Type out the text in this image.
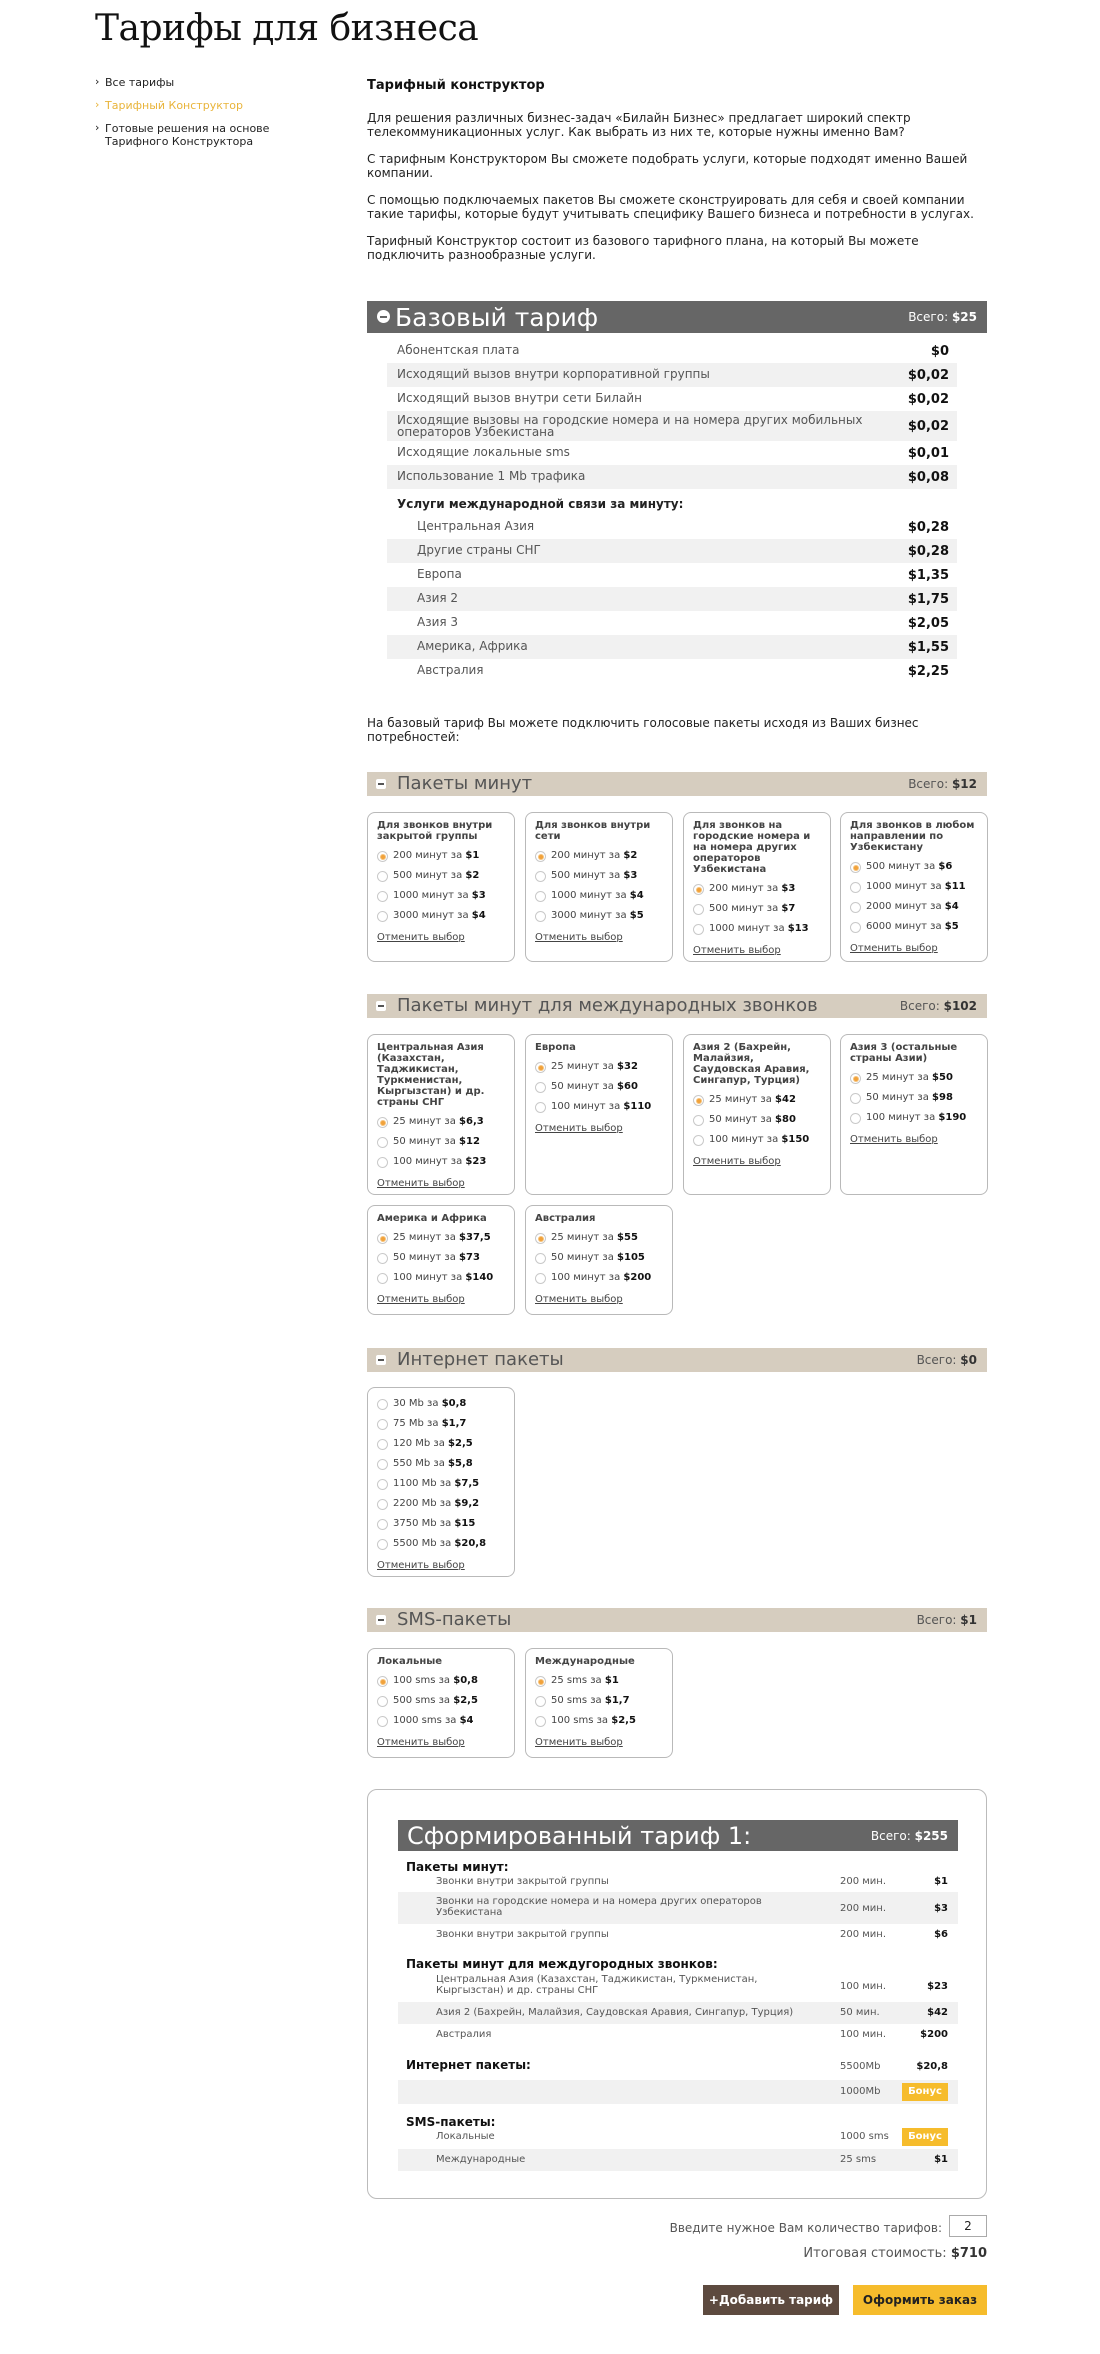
Тарифы для бизнеса
› Все тарифы
› Тарифный Конструктор
› Готовые решения на основе Тарифного Конструктора
Тарифный конструктор

Для решения различных бизнес-задач «Билайн Бизнес» предлагает широкий спектр телекоммуникационных услуг. Как выбрать из них те, которые нужны именно Вам?

С тарифным Конструктором Вы сможете подобрать услуги, которые подходят именно Вашей компании.

С помощью подключаемых пакетов Вы сможете сконструировать для себя и своей компании такие тарифы, которые будут учитывать специфику Вашего бизнеса и потребности в услугах.

Тарифный Конструктор состоит из базового тарифного плана, на который Вы можете подключить разнообразные услуги.

Базовый тариф	Всего: $25
Абонентская плата	$0
Исходящий вызов внутри корпоративной группы	$0,02
Исходящий вызов внутри сети Билайн	$0,02
Исходящие вызовы на городские номера и на номера других мобильных операторов Узбекистана	$0,02
Исходящие локальные sms	$0,01
Использование 1 Mb трафика	$0,08
Услуги международной связи за минуту:
Центральная Азия	$0,28
Другие страны СНГ	$0,28
Европа	$1,35
Азия 2	$1,75
Азия 3	$2,05
Америка, Африка	$1,55
Австралия	$2,25

На базовый тариф Вы можете подключить голосовые пакеты исходя из Ваших бизнес потребностей:

Пакеты минут	Всего: $12
Для звонков внутри закрытой группы
200 минут за $1
500 минут за $2
1000 минут за $3
3000 минут за $4
Отменить выбор
Для звонков внутри сети
200 минут за $2
500 минут за $3
1000 минут за $4
3000 минут за $5
Отменить выбор
Для звонков на городские номера и на номера других операторов Узбекистана
200 минут за $3
500 минут за $7
1000 минут за $13
Отменить выбор
Для звонков в любом направлении по Узбекистану
500 минут за $6
1000 минут за $11
2000 минут за $4
6000 минут за $5
Отменить выбор
Пакеты минут для международных звонков	Всего: $102
Центральная Азия (Казахстан, Таджикистан, Туркменистан, Кыргызстан) и др. страны СНГ
25 минут за $6,3
50 минут за $12
100 минут за $23
Отменить выбор
Европа
25 минут за $32
50 минут за $60
100 минут за $110
Отменить выбор
Азия 2 (Бахрейн, Малайзия, Саудовская Аравия, Сингапур, Турция)
25 минут за $42
50 минут за $80
100 минут за $150
Отменить выбор
Азия 3 (остальные страны Азии)
25 минут за $50
50 минут за $98
100 минут за $190
Отменить выбор
Америка и Африка
25 минут за $37,5
50 минут за $73
100 минут за $140
Отменить выбор
Австралия
25 минут за $55
50 минут за $105
100 минут за $200
Отменить выбор
Интернет пакеты	Всего: $0
30 Mb за $0,8
75 Mb за $1,7
120 Mb за $2,5
550 Mb за $5,8
1100 Mb за $7,5
2200 Mb за $9,2
3750 Mb за $15
5500 Mb за $20,8
Отменить выбор
SMS-пакеты	Всего: $1
Локальные
100 sms за $0,8
500 sms за $2,5
1000 sms за $4
Отменить выбор
Международные
25 sms за $1
50 sms за $1,7
100 sms за $2,5
Отменить выбор
Сформированный тариф 1:	Всего: $255
Пакеты минут:
Звонки внутри закрытой группы	200 мин.	$1
Звонки на городские номера и на номера других операторов Узбекистана	200 мин.	$3
Звонки внутри закрытой группы	200 мин.	$6
Пакеты минут для междугородных звонков:
Центральная Азия (Казахстан, Таджикистан, Туркменистан, Кыргызстан) и др. страны СНГ	100 мин.	$23
Азия 2 (Бахрейн, Малайзия, Саудовская Аравия, Сингапур, Турция)	50 мин.	$42
Австралия	100 мин.	$200
Интернет пакеты:	5500Mb	$20,8
1000Mb	Бонус
SMS-пакеты:
Локальные	1000 sms	Бонус
Международные	25 sms	$1
Введите нужное Вам количество тарифов:
2
Итоговая стоимость: $710
+Добавить тариф	Оформить заказ
